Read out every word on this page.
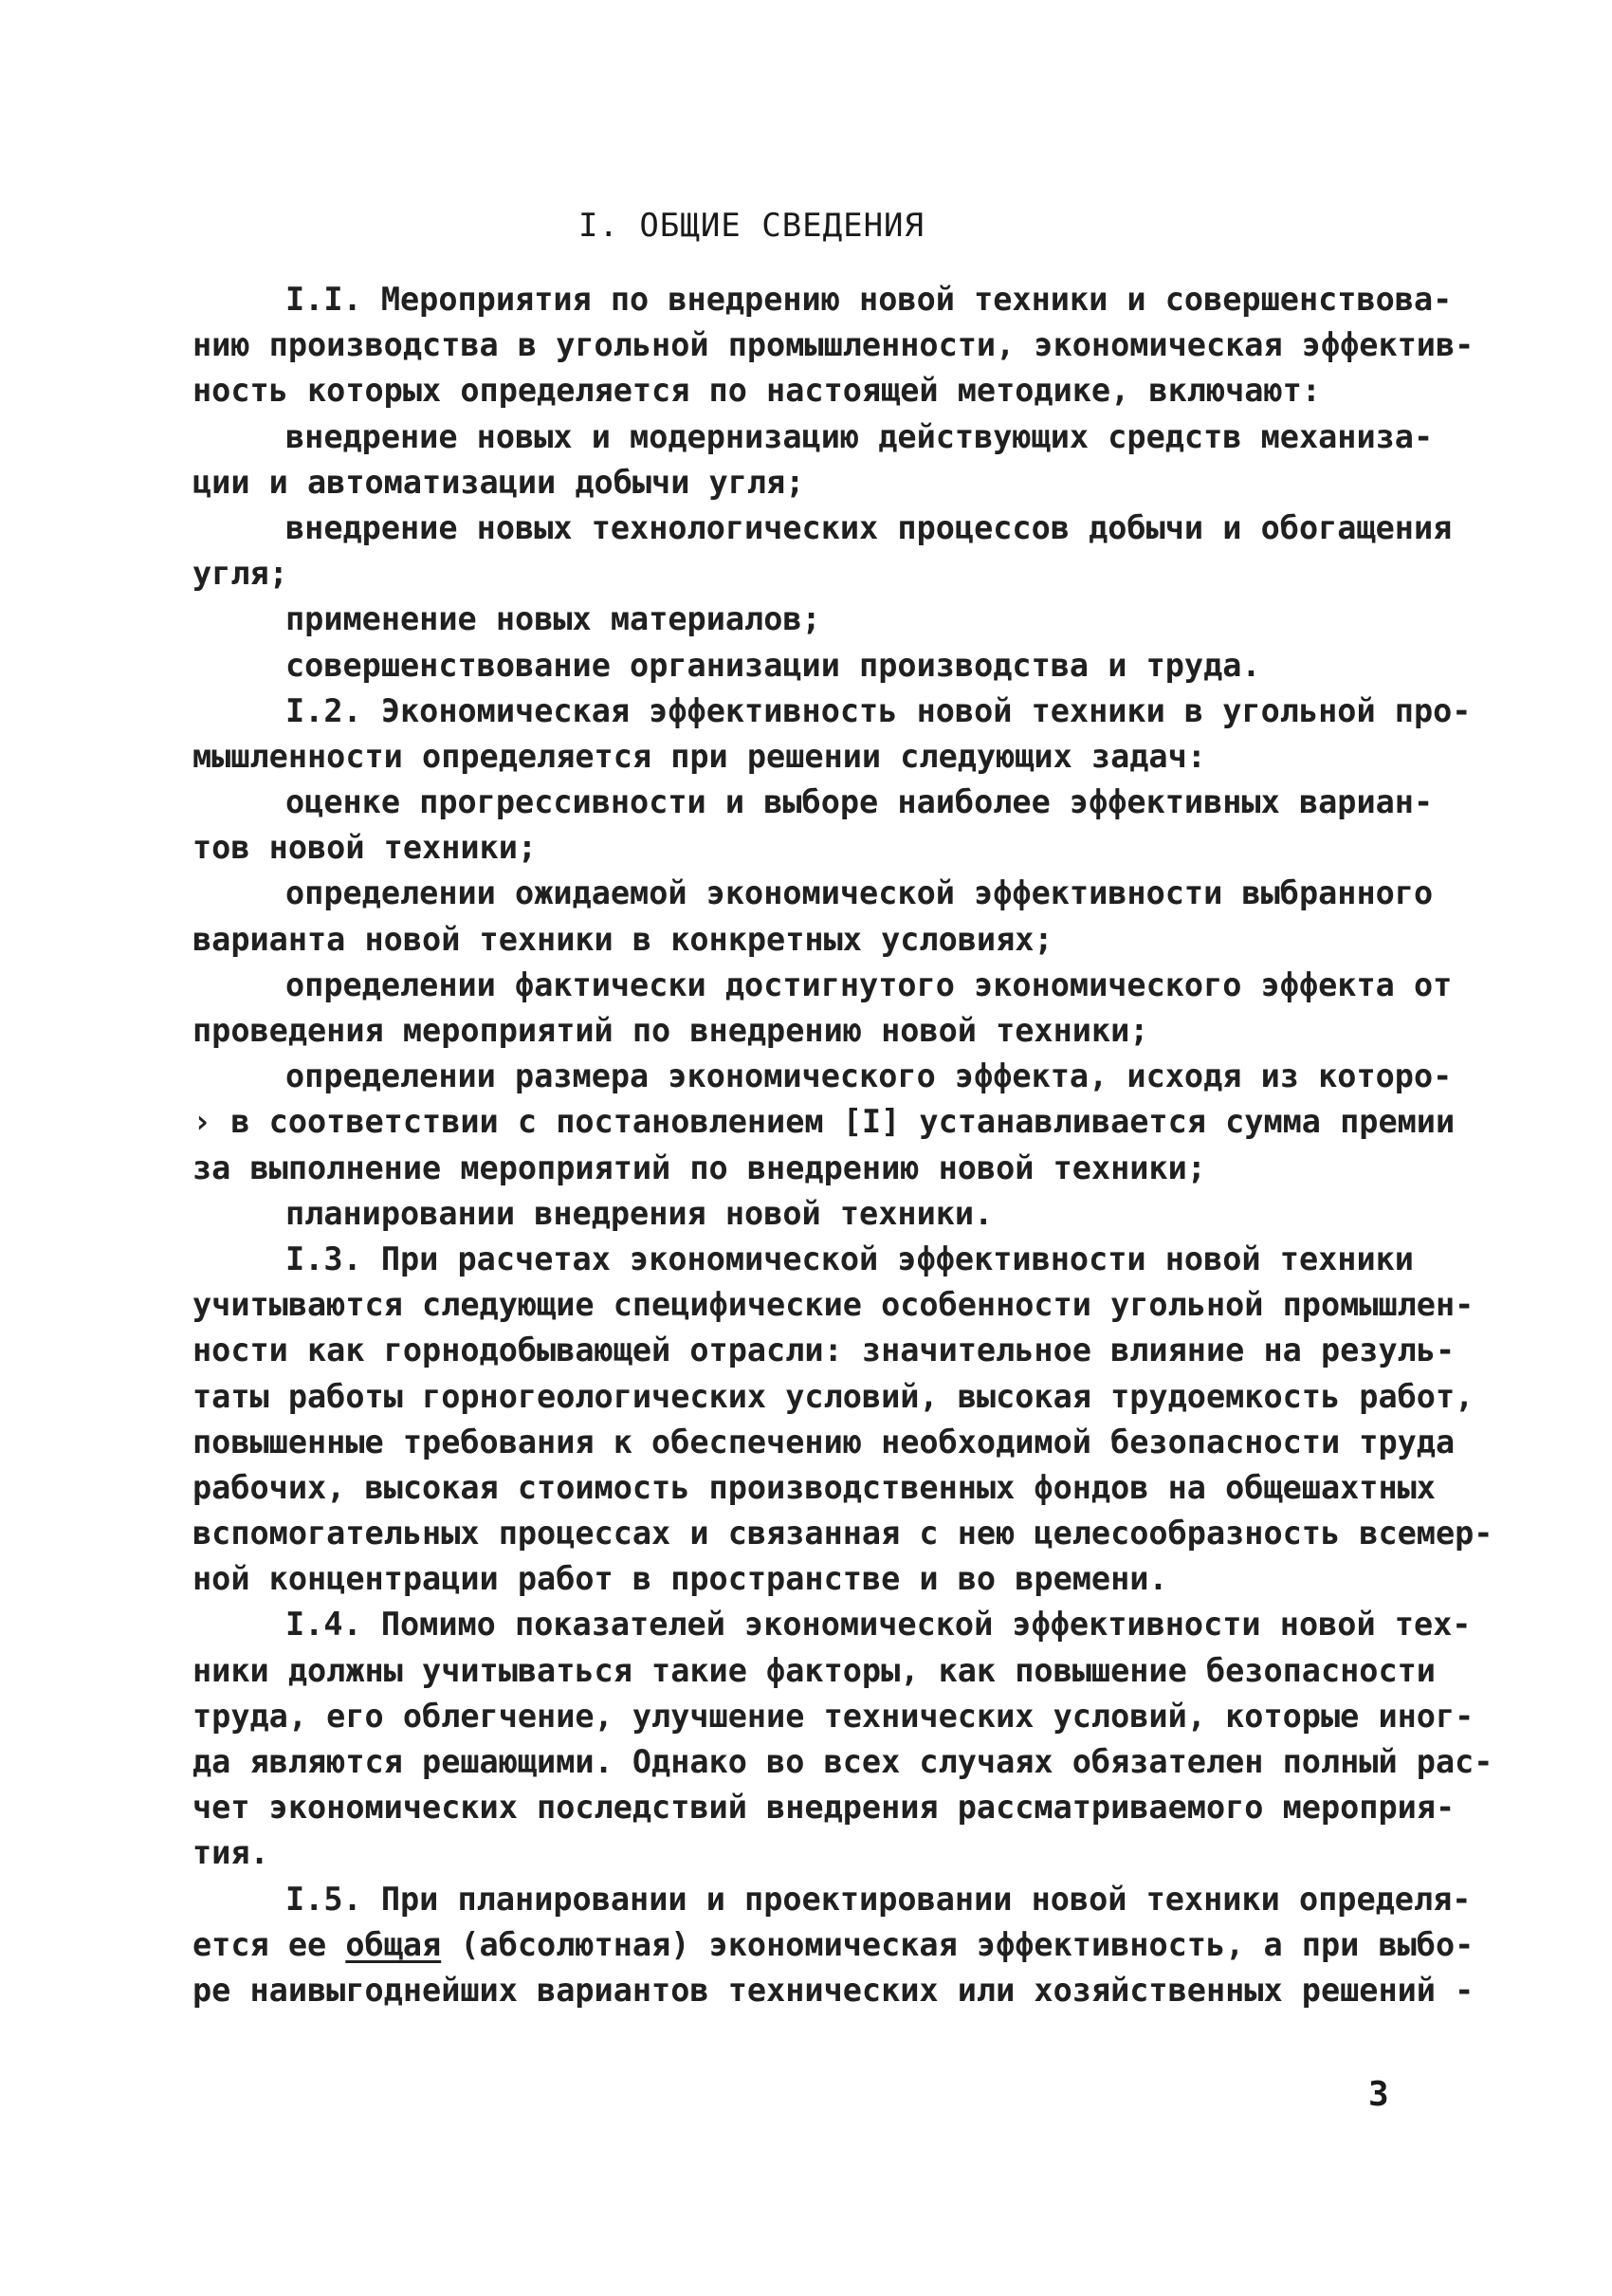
I. ОБЩИЕ СВЕДЕНИЯ
I.I. Мероприятия по внедрению новой техники и совершенствова-
нию производства в угольной промышленности, экономическая эффектив-
ность которых определяется по настоящей методике, включают:
внедрение новых и модернизацию действующих средств механиза-
ции и автоматизации добычи угля;
внедрение новых технологических процессов добычи и обогащения
угля;
применение новых материалов;
совершенствование организации производства и труда.
I.2. Экономическая эффективность новой техники в угольной про-
мышленности определяется при решении следующих задач:
оценке прогрессивности и выборе наиболее эффективных вариан-
тов новой техники;
определении ожидаемой экономической эффективности выбранного
варианта новой техники в конкретных условиях;
определении фактически достигнутого экономического эффекта от
проведения мероприятий по внедрению новой техники;
определении размера экономического эффекта, исходя из которо-
› в соответствии с постановлением [I] устанавливается сумма премии
за выполнение мероприятий по внедрению новой техники;
планировании внедрения новой техники.
I.3. При расчетах экономической эффективности новой техники
учитываются следующие специфические особенности угольной промышлен-
ности как горнодобывающей отрасли: значительное влияние на резуль-
таты работы горногеологических условий, высокая трудоемкость работ,
повышенные требования к обеспечению необходимой безопасности труда
рабочих, высокая стоимость производственных фондов на общешахтных
вспомогательных процессах и связанная с нею целесообразность всемер-
ной концентрации работ в пространстве и во времени.
I.4. Помимо показателей экономической эффективности новой тех-
ники должны учитываться такие факторы, как повышение безопасности
труда, его облегчение, улучшение технических условий, которые иног-
да являются решающими. Однако во всех случаях обязателен полный рас-
чет экономических последствий внедрения рассматриваемого мероприя-
тия.
I.5. При планировании и проектировании новой техники определя-
ется ее общая (абсолютная) экономическая эффективность, а при выбо-
ре наивыгоднейших вариантов технических или хозяйственных решений -
3
